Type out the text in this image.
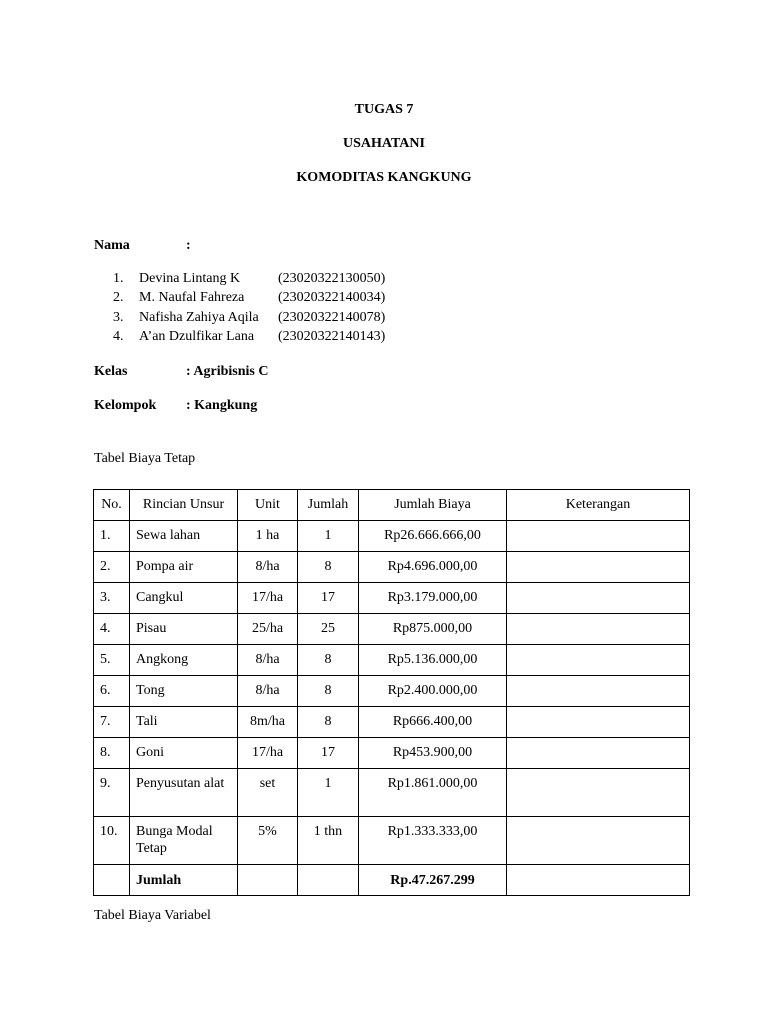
TUGAS 7
USAHATANI
KOMODITAS KANGKUNG
Nama	:
1. Devina Lintang K	(23020322130050)
2. M. Naufal Fahreza (23020322140034)
3. Nafisha Zahiya Aqila (23020322140078)
4. A’an Dzulfikar Lana (23020322140143)
Kelas	: Agribisnis C
Kelompok : Kangkung
Tabel Biaya Tetap
No.	Rincian Unsur	Unit	Jumlah	Jumlah Biaya	Keterangan

1.	Sewa lahan	1 ha	1	Rp26.666.666,00	

2.	Pompa air	8/ha	8	Rp4.696.000,00	

3.	Cangkul	17/ha	17	Rp3.179.000,00	

4.	Pisau	25/ha	25	Rp875.000,00	

5.	Angkong	8/ha	8	Rp5.136.000,00	

6.	Tong	8/ha	8	Rp2.400.000,00	

7.	Tali	8m/ha	8	Rp666.400,00	

8.	Goni	17/ha	17	Rp453.900,00	

9.	Penyusutan alat	set	1	Rp1.861.000,00	

10.	Bunga Modal Tetap	5%	1 thn	Rp1.333.333,00	

	Jumlah			Rp.47.267.299	

Tabel Biaya Variabel
